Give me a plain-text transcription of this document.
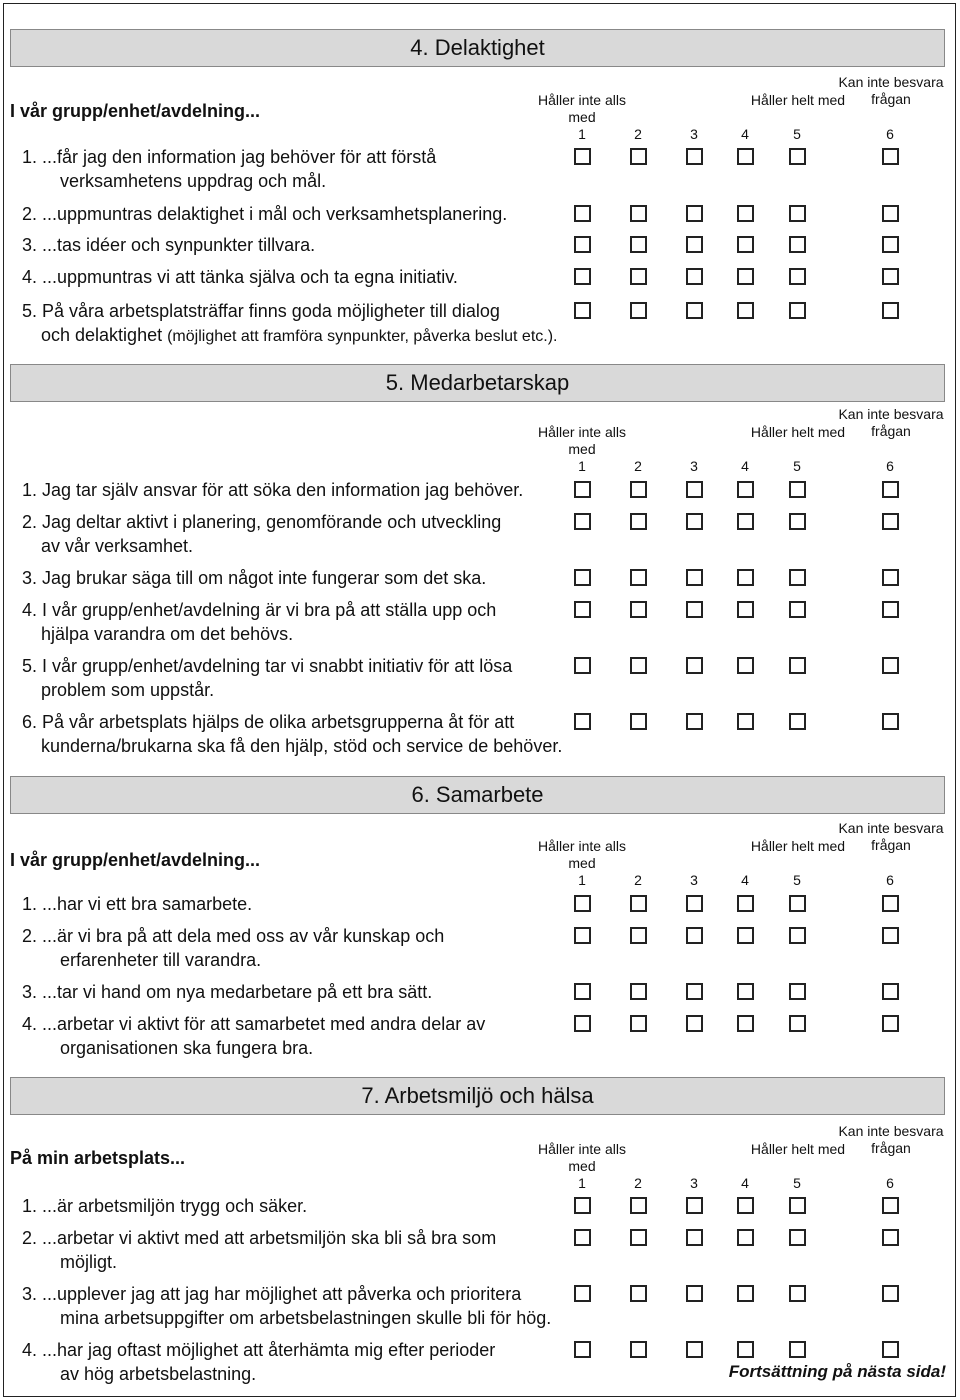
4. Delaktighet
I vår grupp/enhet/avdelning...
Håller inte alls med
Håller helt med
Kan inte besvara frågan
1	2	3	4	5	6
1. ...får jag den information jag behöver för att förstå
verksamhetens uppdrag och mål.
2. ...uppmuntras delaktighet i mål och verksamhetsplanering.
3. ...tas idéer och synpunkter tillvara.
4. ...uppmuntras vi att tänka själva och ta egna initiativ.
5. På våra arbetsplatsträffar finns goda möjligheter till dialog
och delaktighet (möjlighet att framföra synpunkter, påverka beslut etc.).
5. Medarbetarskap
Håller inte alls med
Håller helt med
Kan inte besvara frågan
1	2	3	4	5	6
1. Jag tar själv ansvar för att söka den information jag behöver.
2. Jag deltar aktivt i planering, genomförande och utveckling
av vår verksamhet.
3. Jag brukar säga till om något inte fungerar som det ska.
4. I vår grupp/enhet/avdelning är vi bra på att ställa upp och
hjälpa varandra om det behövs.
5. I vår grupp/enhet/avdelning tar vi snabbt initiativ för att lösa
problem som uppstår.
6. På vår arbetsplats hjälps de olika arbetsgrupperna åt för att
kunderna/brukarna ska få den hjälp, stöd och service de behöver.
6. Samarbete
I vår grupp/enhet/avdelning...
Håller inte alls med
Håller helt med
Kan inte besvara frågan
1	2	3	4	5	6
1. ...har vi ett bra samarbete.
2. ...är vi bra på att dela med oss av vår kunskap och
erfarenheter till varandra.
3. ...tar vi hand om nya medarbetare på ett bra sätt.
4. ...arbetar vi aktivt för att samarbetet med andra delar av
organisationen ska fungera bra.
7. Arbetsmiljö och hälsa
På min arbetsplats...	Håller inte alls med
Håller helt med
Kan inte besvara frågan
1	2	3	4	5	6
1. ...är arbetsmiljön trygg och säker.
2. ...arbetar vi aktivt med att arbetsmiljön ska bli så bra som
möjligt.
3. ...upplever jag att jag har möjlighet att påverka och prioritera
mina arbetsuppgifter om arbetsbelastningen skulle bli för hög.
4. ...har jag oftast möjlighet att återhämta mig efter perioder
av hög arbetsbelastning.	Fortsättning på nästa sida!
